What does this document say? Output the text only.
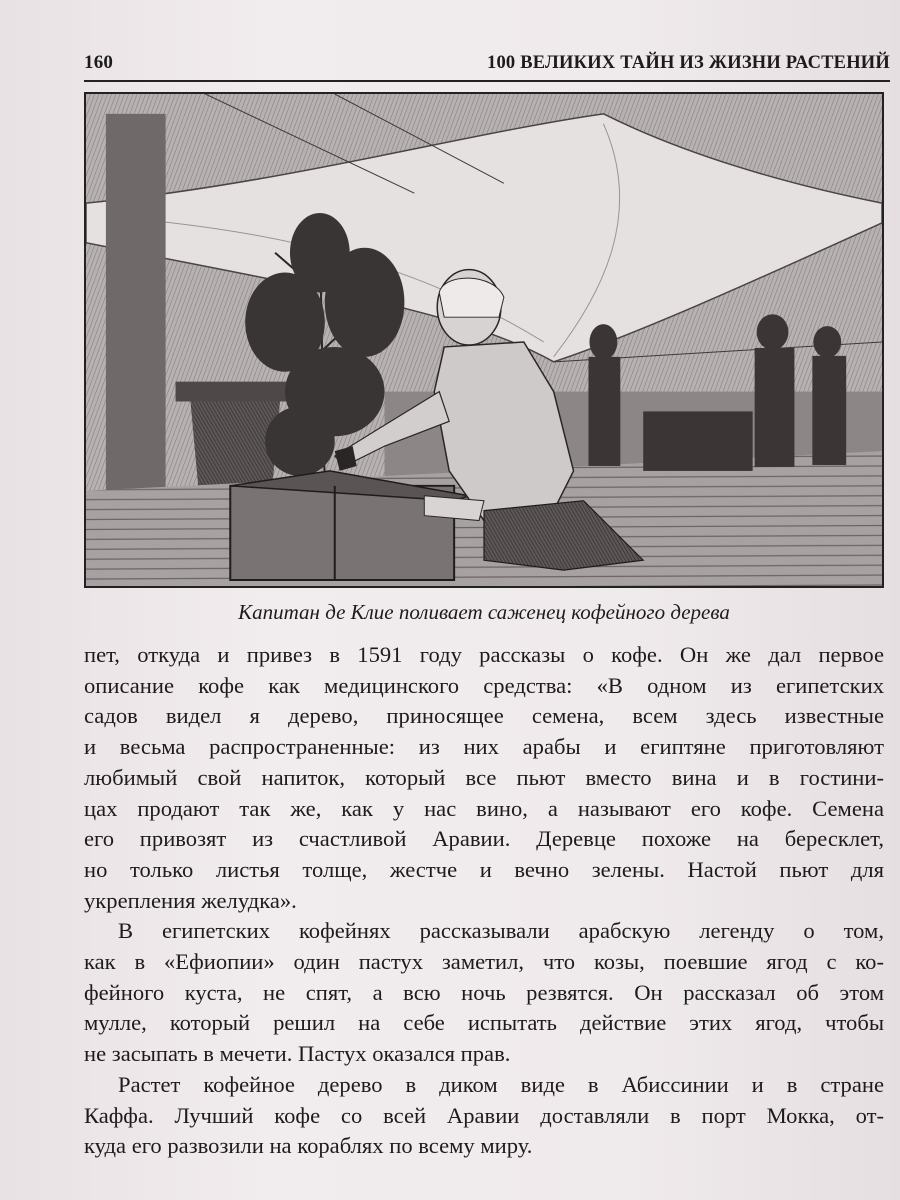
160	100 ВЕЛИКИХ ТАЙН ИЗ ЖИЗНИ РАСТЕНИЙ
Капитан де Клие поливает саженец кофейного дерева

пет, откуда и привез в 1591 году рассказы о кофе. Он же дал первое
описание кофе как медицинского средства: «В одном из египетских
садов видел я дерево, приносящее семена, всем здесь известные
и весьма распространенные: из них арабы и египтяне приготовляют
любимый свой напиток, который все пьют вместо вина и в гостини-
цах продают так же, как у нас вино, а называют его кофе. Семена
его привозят из счастливой Аравии. Деревце похоже на бересклет,
но только листья толще, жестче и вечно зелены. Настой пьют для
укрепления желудка».

В египетских кофейнях рассказывали арабскую легенду о том,
как в «Ефиопии» один пастух заметил, что козы, поевшие ягод с ко-
фейного куста, не спят, а всю ночь резвятся. Он рассказал об этом
мулле, который решил на себе испытать действие этих ягод, чтобы
не засыпать в мечети. Пастух оказался прав.

Растет кофейное дерево в диком виде в Абиссинии и в стране
Каффа. Лучший кофе со всей Аравии доставляли в порт Мокка, от-
куда его развозили на кораблях по всему миру.
